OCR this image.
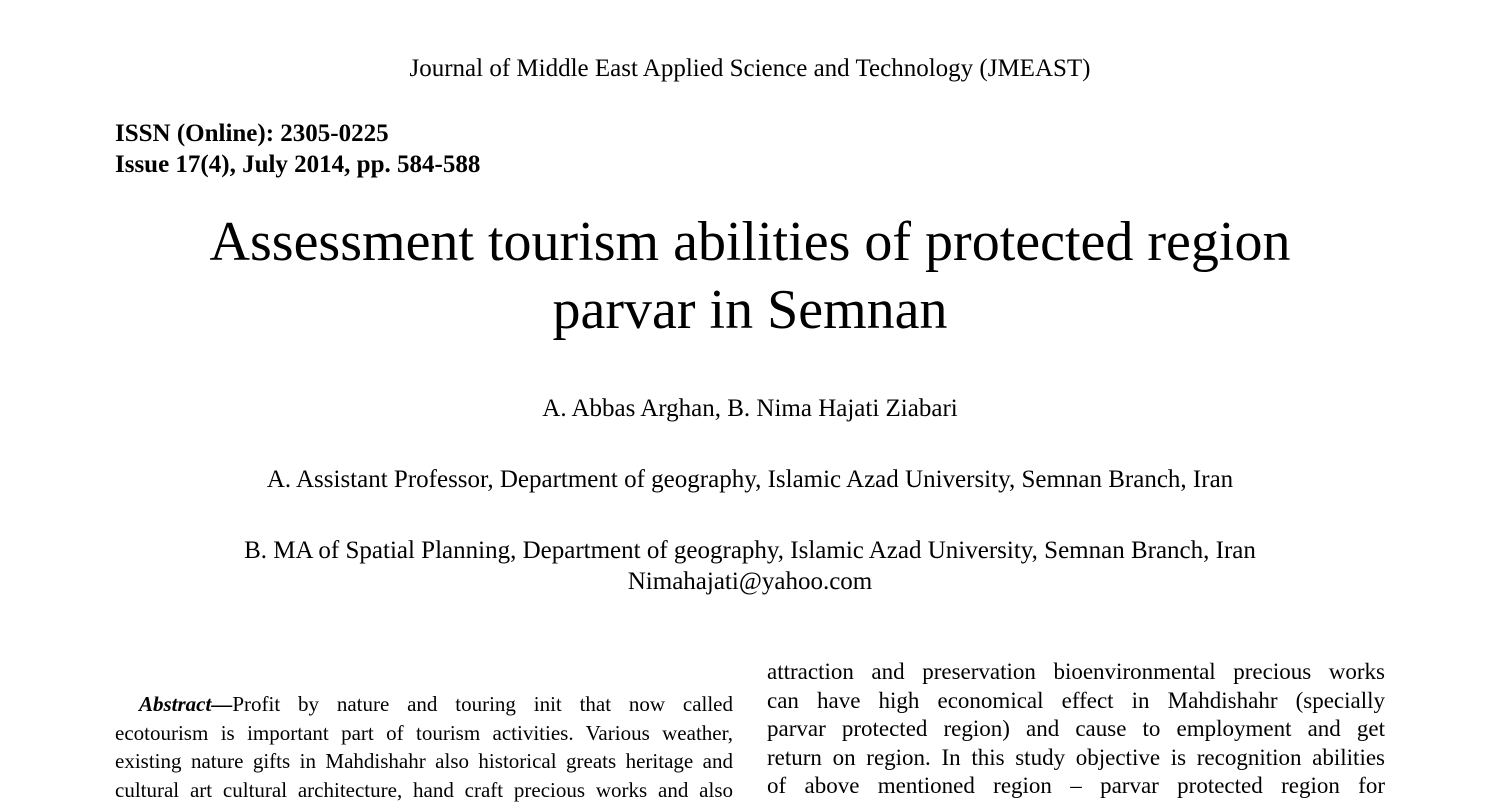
Journal of Middle East Applied Science and Technology (JMEAST)
ISSN (Online): 2305-0225
Issue 17(4), July 2014, pp. 584-588
Assessment tourism abilities of protected region
parvar in Semnan
A. Abbas Arghan, B. Nima Hajati Ziabari
A. Assistant Professor, Department of geography, Islamic Azad University, Semnan Branch, Iran
B. MA of Spatial Planning, Department of geography, Islamic Azad University, Semnan Branch, Iran
Nimahajati@yahoo.com
Abstract—Profit by nature and touring init that now called
ecotourism is important part of tourism activities. Various weather,
existing nature gifts in Mahdishahr also historical greats heritage and
cultural art cultural architecture, hand craft precious works and also
attraction and preservation bioenvironmental precious works
can have high economical effect in Mahdishahr (specially
parvar protected region) and cause to employment and get
return on region. In this study objective is recognition abilities
of above mentioned region – parvar protected region for
